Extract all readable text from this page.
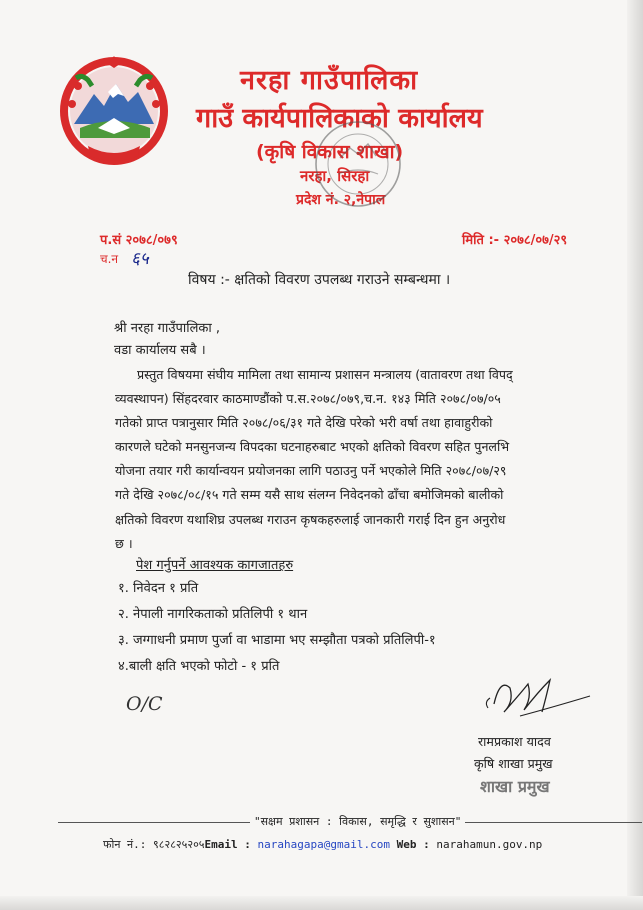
नरहा गाउँपालिका
गाउँ कार्यपालिकाको कार्यालय
(कृषि विकास शाखा)
नरहा, सिरहा
प्रदेश नं. २,नेपाल
प.सं २०७८/०७९	मिति :- २०७८/०७/२९
च.न ६५
विषय :- क्षतिको विवरण उपलब्ध गराउने सम्बन्धमा ।
श्री नरहा गाउँपालिका ,
वडा कार्यालय सबै ।
प्रस्तुत विषयमा संघीय मामिला तथा सामान्य प्रशासन मन्त्रालय (वातावरण तथा विपद्
व्यवस्थापन) सिंहदरवार काठमाण्डौंको प.स.२०७८/०७९,च.न. १४३ मिति २०७८/०७/०५
गतेको प्राप्त पत्रानुसार मिति २०७८/०६/३१ गते देखि परेको भरी वर्षा तथा हावाहुरीको
कारणले घटेको मनसुनजन्य विपदका घटनाहरुबाट भएको क्षतिको विवरण सहित पुनलभि
योजना तयार गरी कार्यान्वयन प्रयोजनका लागि पठाउनु पर्ने भएकोले मिति २०७८/०७/२९
गते देखि २०७८/०८/१५ गते सम्म यसै साथ संलग्न निवेदनको ढाँचा बमोजिमको बालीको
क्षतिको विवरण यथाशिघ्र उपलब्ध गराउन कृषकहरुलाई जानकारी गराई दिन हुन अनुरोध
छ ।
पेश गर्नुपर्ने आवश्यक कागजातहरु
१. निवेदन १ प्रति
२. नेपाली नागरिकताको प्रतिलिपी १ थान
३. जग्गाधनी प्रमाण पुर्जा वा भाडामा भए सम्झौता पत्रको प्रतिलिपी-१
४.बाली क्षति भएको फोटो - १ प्रति
O/C
रामप्रकाश यादव
कृषि शाखा प्रमुख
शाखा प्रमुख
"सक्षम प्रशासन : विकास, समृद्धि र सुशासन"
फोन नं.: ९८२८२५२०५Email : narahagapa@gmail.com Web : narahamun.gov.np
